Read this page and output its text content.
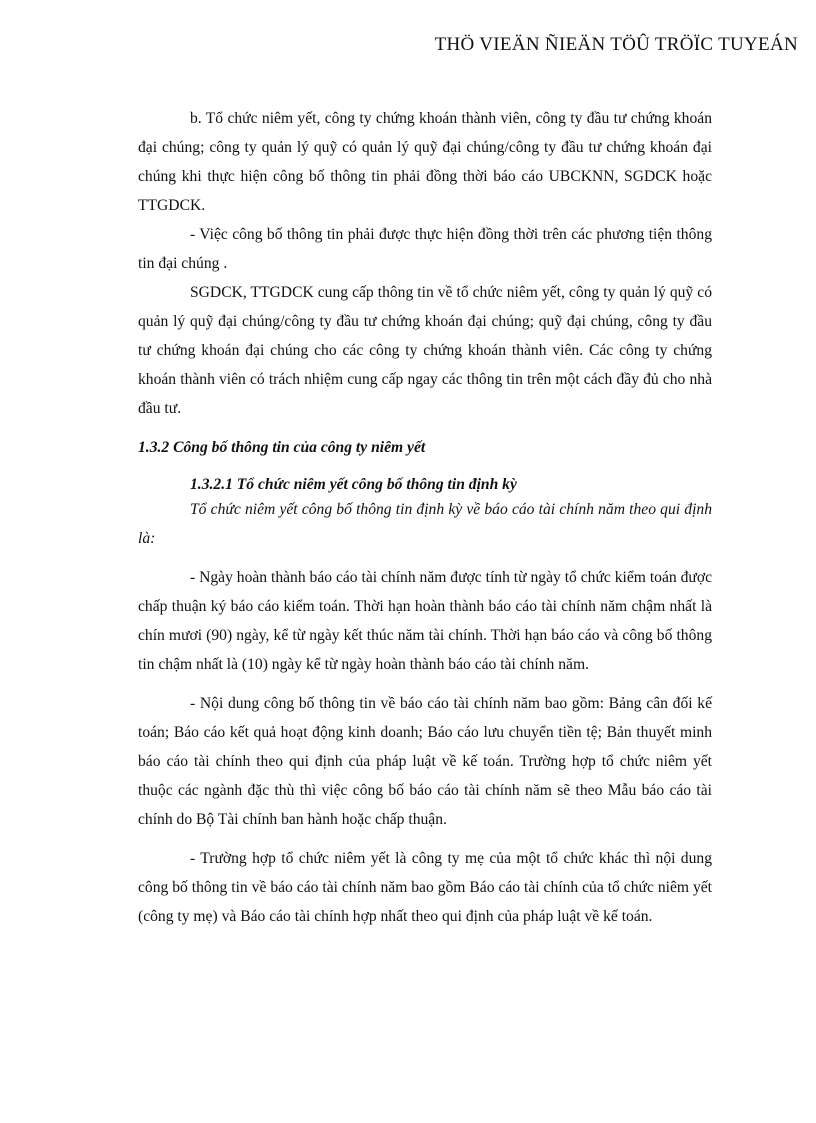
THÖ VIEÄN ÑIEÄN TÖÛ TRÖÏC TUYEÁN

b. Tổ chức niêm yết, công ty chứng khoán thành viên, công ty đầu tư chứng khoán đại chúng; công ty quản lý quỹ có quản lý quỹ đại chúng/công ty đầu tư chứng khoán đại chúng khi thực hiện công bố thông tin phải đồng thời báo cáo UBCKNN, SGDCK hoặc TTGDCK.

- Việc công bố thông tin phải được thực hiện đồng thời trên các phương tiện thông tin đại chúng .

SGDCK, TTGDCK cung cấp thông tin về tổ chức niêm yết, công ty quản lý quỹ có quản lý quỹ đại chúng/công ty đầu tư chứng khoán đại chúng; quỹ đại chúng, công ty đầu tư chứng khoán đại chúng cho các công ty chứng khoán thành viên. Các công ty chứng khoán thành viên có trách nhiệm cung cấp ngay các thông tin trên một cách đầy đủ cho nhà đầu tư.

1.3.2 Công bố thông tin của công ty niêm yết

1.3.2.1 Tổ chức niêm yết công bố thông tin định kỳ

Tổ chức niêm yết công bố thông tin định kỳ về báo cáo tài chính năm theo qui định là:

- Ngày hoàn thành báo cáo tài chính năm được tính từ ngày tổ chức kiểm toán được chấp thuận ký báo cáo kiểm toán. Thời hạn hoàn thành báo cáo tài chính năm chậm nhất là chín mươi (90) ngày, kể từ ngày kết thúc năm tài chính. Thời hạn báo cáo và công bố thông tin chậm nhất là (10) ngày kể từ ngày hoàn thành báo cáo tài chính năm.

- Nội dung công bố thông tin về báo cáo tài chính năm bao gồm: Bảng cân đối kế toán; Báo cáo kết quả hoạt động kinh doanh; Báo cáo lưu chuyển tiền tệ; Bản thuyết minh báo cáo tài chính theo qui định của pháp luật về kế toán. Trường hợp tổ chức niêm yết thuộc các ngành đặc thù thì việc công bố báo cáo tài chính năm sẽ theo Mẫu báo cáo tài chính do Bộ Tài chính ban hành hoặc chấp thuận.

- Trường hợp tổ chức niêm yết là công ty mẹ của một tổ chức khác thì nội dung công bố thông tin về báo cáo tài chính năm bao gồm Báo cáo tài chính của tổ chức niêm yết (công ty mẹ) và Báo cáo tài chính hợp nhất theo qui định của pháp luật về kế toán.
